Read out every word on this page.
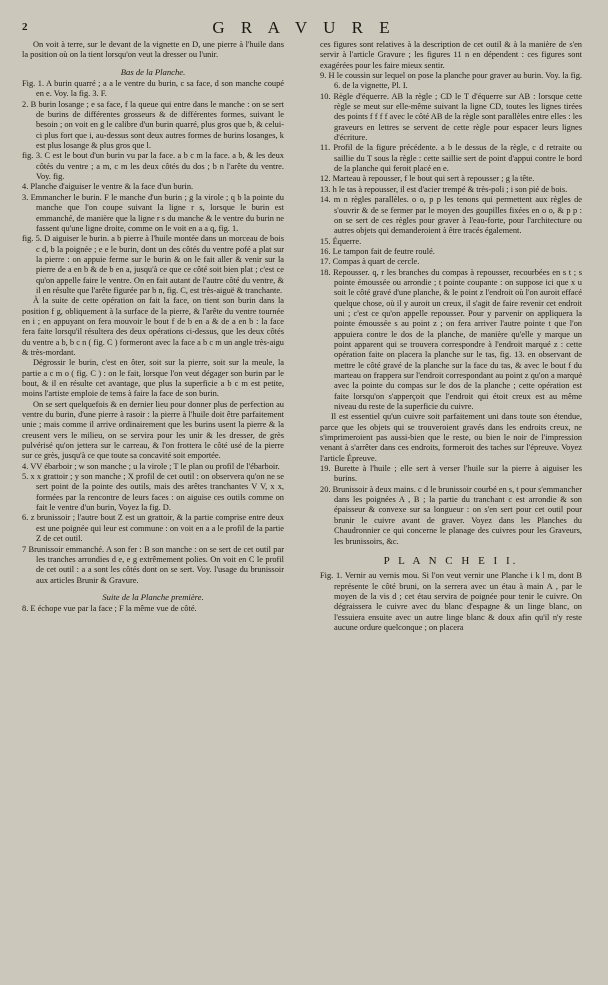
2	G R A V U R E

On voit à terre, sur le devant de la vignette en D, une pierre à l'huile dans la position où on la tient lorsqu'on veut la dresser ou l'unir.

Bas de la Planche.

Fig. 1. A burin quarré ; a a le ventre du burin, c sa face, d son manche coupé en e. Voy. la fig. 3. F.

2. B burin losange ; e sa face, f la queue qui entre dans le manche : on se sert de burins de différentes grosseurs & de différentes formes, suivant le besoin ; on voit en g le calibre d'un burin quarré, plus gros que b, & celui-ci plus fort que i, au-dessus sont deux autres formes de burins losanges, k est plus losange & plus gros que l.

fig. 3. C est le bout d'un burin vu par la face. a b c m la face. a b, & les deux côtés du ventre ; a m, c m les deux côtés du dos ; b n l'arête du ventre. Voy. fig.

4. Planche d'aiguiser le ventre & la face d'un burin.

3. Emmancher le burin. F le manche d'un burin ; g la virole ; q b la pointe du manche que l'on coupe suivant la ligne r s, lorsque le burin est emmanché, de manière que la ligne r s du manche & le ventre du burin ne fassent qu'une ligne droite, comme on le voit en a a q, fig. 1.

fig. 5. D aiguiser le burin. a b pierre à l'huile montée dans un morceau de bois c d, b la poignée ; e e le burin, dont un des côtés du ventre pofé a plat sur la pierre : on appuie ferme sur le burin & on le fait aller & venir sur la pierre de a en b & de b en a, jusqu'à ce que ce côté soit bien plat ; c'est ce qu'on appelle faire le ventre. On en fait autant de l'autre côté du ventre, & il en résulte que l'arête figurée par b n, fig. C, est très-aiguë & tranchante.

À la suite de cette opération on fait la face, on tient son burin dans la position f g, obliquement à la surface de la pierre, & l'arête du ventre tournée en i ; en appuyant on fera mouvoir le bout f de b en a & de a en b : la face fera faite lorsqu'il résultera des deux opérations ci-dessus, que les deux côtés du ventre a b, b c n ( fig. C ) formeront avec la face a b c m un angle très-aigu & très-mordant.

Dégrossir le burin, c'est en ôter, soit sur la pierre, soit sur la meule, la partie a c m o ( fig. C ) : on le fait, lorsque l'on veut dégager son burin par le bout, & il en résulte cet avantage, que plus la superficie a b c m est petite, moins l'artiste emploie de tems à faire la face de son burin.

On se sert quelquefois & en dernier lieu pour donner plus de perfection au ventre du burin, d'une pierre à rasoir : la pierre à l'huile doit être parfaitement unie ; mais comme il arrive ordinairement que les burins usent la pierre & la creusent vers le milieu, on se servira pour les unir & les dresser, de grès pulvérisé qu'on jettera sur le carreau, & l'on frottera le côté usé de la pierre sur ce grès, jusqu'à ce que toute sa concavité soit emportée.

4. VV ébarboir ; w son manche ; u la virole ; T le plan ou profil de l'ébarboir.

5. x x grattoir ; y son manche ; X profil de cet outil : on observera qu'on ne se sert point de la pointe des outils, mais des arêtes tranchantes V V, x x, formées par la rencontre de leurs faces : on aiguise ces outils comme on fait le ventre d'un burin, Voyez la fig. D.

6. z brunissoir ; l'autre bout Z est un grattoir, & la partie comprise entre deux est une poignée qui leur est commune : on voit en a a le profil de la partie Z de cet outil.

7 Brunissoir emmanché. A son fer : B son manche : on se sert de cet outil par les tranches arrondies d e, e g extrêmement polies. On voit en C le profil de cet outil : a a sont les côtés dont on se sert. Voy. l'usage du brunissoir aux articles Brunir & Gravure.

Suite de la Planche première.

8. E échope vue par la face ; F la même vue de côté.

ces figures sont relatives à la description de cet outil & à la manière de s'en servir à l'article Gravure ; les figures 11 n en dépendent : ces figures sont exagérées pour les faire mieux sentir.

9. H le coussin sur lequel on pose la planche pour graver au burin. Voy. la fig. 6. de la vignette, Pl. I.

10. Règle d'équerre. AB la règle ; CD le T d'équerre sur AB : lorsque cette règle se meut sur elle-même suivant la ligne CD, toutes les lignes tirées des points f f f f avec le côté AB de la règle sont parallèles entre elles : les graveurs en lettres se servent de cette règle pour espacer leurs lignes d'écriture.

11. Profil de la figure précédente. a b le dessus de la règle, c d retraite ou saillie du T sous la règle : cette saillie sert de point d'appui contre le bord de la planche qui feroit placé en e.

12. Marteau à repousser, f le bout qui sert à repousser ; g la tête.

13. h le tas à repousser, il est d'acier trempé & très-poli ; i son pié de bois.

14. m n règles parallèles. o o, p p les tenons qui permettent aux règles de s'ouvrir & de se fermer par le moyen des goupilles fixées en o o, & p p : on se sert de ces règles pour graver à l'eau-forte, pour l'architecture ou autres objets qui demanderoient à être tracés également.

15. Équerre.

16. Le tampon fait de feutre roulé.

17. Compas à quart de cercle.

18. Repousser. q, r les branches du compas à repousser, recourbées en s t ; s pointe émoussée ou arrondie ; t pointe coupante : on suppose ici que x u soit le côté gravé d'une planche, & le point z l'endroit où l'on auroit effacé quelque chose, où il y auroit un creux, il s'agit de faire revenir cet endroit uni ; c'est ce qu'on appelle repousser. Pour y parvenir on appliquera la pointe émoussée s au point z ; on fera arriver l'autre pointe t que l'on appuiera contre le dos de la planche, de manière qu'elle y marque un point apparent qui se trouvera correspondre à l'endroit marqué z : cette opération faite on placera la planche sur le tas, fig. 13. en observant de mettre le côté gravé de la planche sur la face du tas, & avec le bout f du marteau on frappera sur l'endroit correspondant au point z qu'on a marqué avec la pointe du compas sur le dos de la planche ; cette opération est faite lorsqu'on s'apperçoit que l'endroit qui étoit creux est au même niveau du reste de la superficie du cuivre.

Il est essentiel qu'un cuivre soit parfaitement uni dans toute son étendue, parce que les objets qui se trouveroient gravés dans les endroits creux, ne s'imprimeroient pas aussi-bien que le reste, ou bien le noir de l'impression venant à s'arrêter dans ces endroits, formeroit des taches sur l'épreuve. Voyez l'article Épreuve.

19. Burette à l'huile ; elle sert à verser l'huile sur la pierre à aiguiser les burins.

20. Brunissoir à deux mains. c d le brunissoir courbé en s, t pour s'emmancher dans les poignées A , B ; la partie du tranchant c est arrondie & son épaisseur & convexe sur sa longueur : on s'en sert pour cet outil pour brunir le cuivre avant de graver. Voyez dans les Planches du Chaudronnier ce qui concerne le planage des cuivres pour les Graveurs, les brunissoirs, &c.

P L A N C H E I I.

Fig. 1. Vernir au vernis mou. Si l'on veut vernir une Planche i k l m, dont B représente le côté bruni, on la serrera avec un étau à main A , par le moyen de la vis d ; cet étau servira de poignée pour tenir le cuivre. On dégraissera le cuivre avec du blanc d'espagne & un linge blanc, on l'essuiera ensuite avec un autre linge blanc & doux afin qu'il n'y reste aucune ordure quelconque ; on placera
